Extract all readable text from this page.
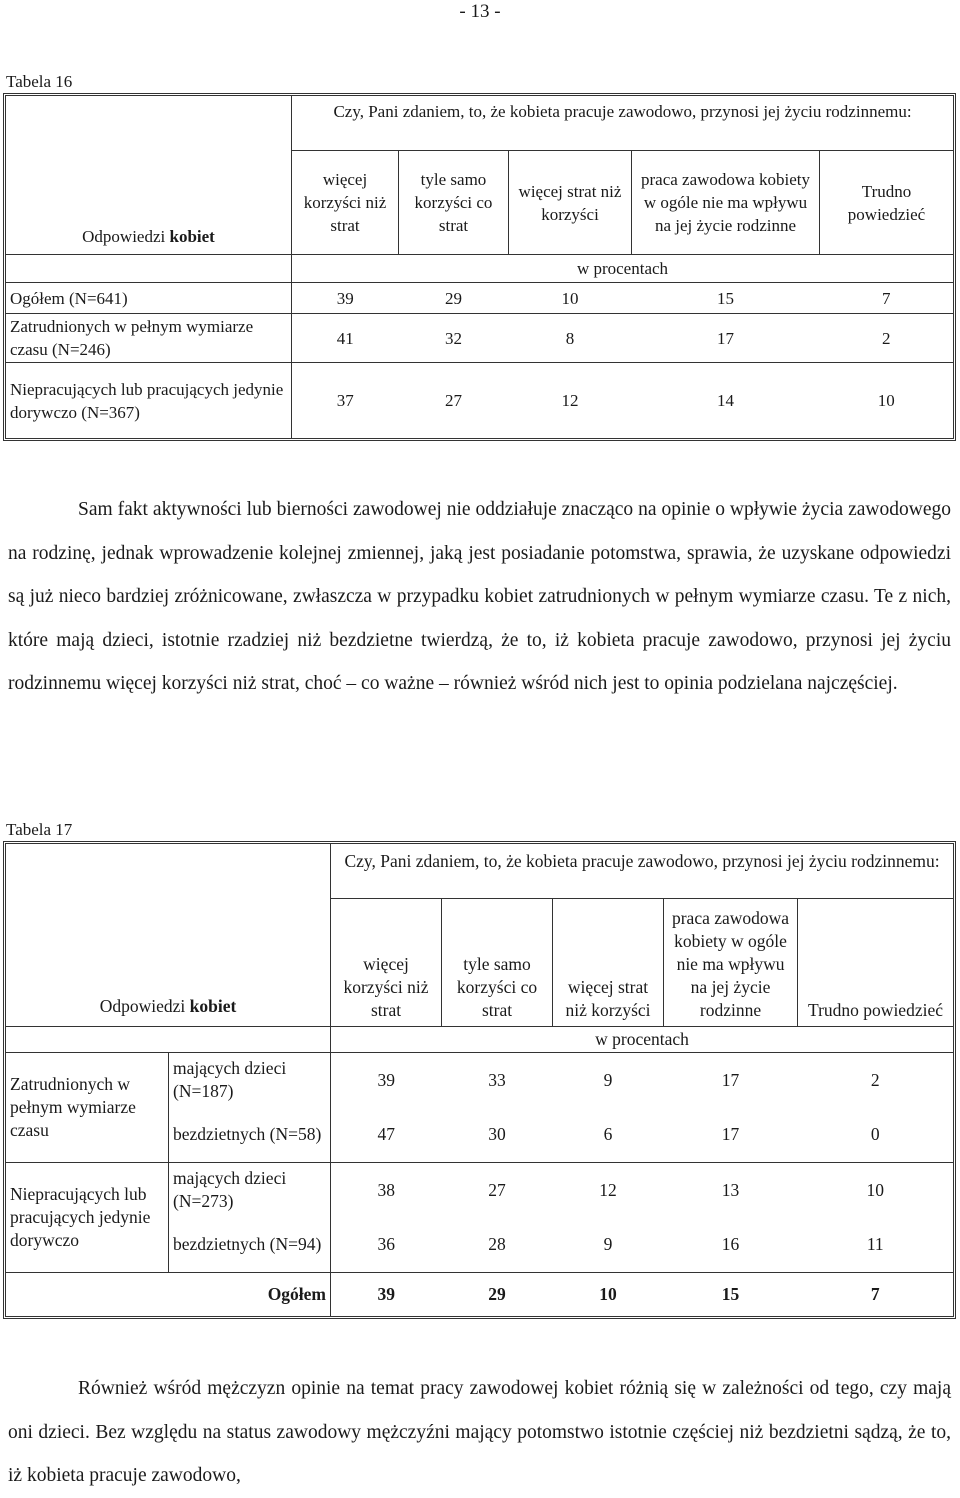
- 13 -
Tabela 16
Odpowiedzi kobiet	Czy, Pani zdaniem, to, że kobieta pracuje zawodowo, przynosi jej życiu rodzinnemu:				
	więcej korzyści niż strat	tyle samo korzyści co strat	więcej strat niż korzyści	praca zawodowa kobiety w ogóle nie ma wpływu na jej życie rodzinne	Trudno powiedzieć
	w procentach				
Ogółem (N=641)	39	29	10	15	7
Zatrudnionych w pełnym wymiarze czasu (N=246)	41	32	8	17	2
Niepracujących lub pracujących jedynie dorywczo (N=367)	37	27	12	14	10

Sam fakt aktywności lub bierności zawodowej nie oddziałuje znacząco na opinie o wpływie życia zawodowego na rodzinę, jednak wprowadzenie kolejnej zmiennej, jaką jest posiadanie potomstwa, sprawia, że uzyskane odpowiedzi są już nieco bardziej zróżnicowane, zwłaszcza w przypadku kobiet zatrudnionych w pełnym wymiarze czasu. Te z nich, które mają dzieci, istotnie rzadziej niż bezdzietne twierdzą, że to, iż kobieta pracuje zawodowo, przynosi jej życiu rodzinnemu więcej korzyści niż strat, choć – co ważne – również wśród nich jest to opinia podzielana najczęściej.

Tabela 17
Odpowiedzi kobiet		Czy, Pani zdaniem, to, że kobieta pracuje zawodowo, przynosi jej życiu rodzinnemu:				
		więcej korzyści niż strat	tyle samo korzyści co strat	więcej strat niż korzyści	praca zawodowa kobiety w ogóle nie ma wpływu na jej życie rodzinne	Trudno powiedzieć
		w procentach				
Zatrudnionych w pełnym wymiarze czasu	mających dzieci (N=187)	39	33	9	17	2
	bezdzietnych (N=58)	47	30	6	17	0
Niepracujących lub pracujących jedynie dorywczo	mających dzieci (N=273)	38	27	12	13	10
	bezdzietnych (N=94)	36	28	9	16	11
Ogółem		39	29	10	15	7

Również wśród mężczyzn opinie na temat pracy zawodowej kobiet różnią się w zależności od tego, czy mają oni dzieci. Bez względu na status zawodowy mężczyźni mający potomstwo istotnie częściej niż bezdzietni sądzą, że to, iż kobieta pracuje zawodowo,
